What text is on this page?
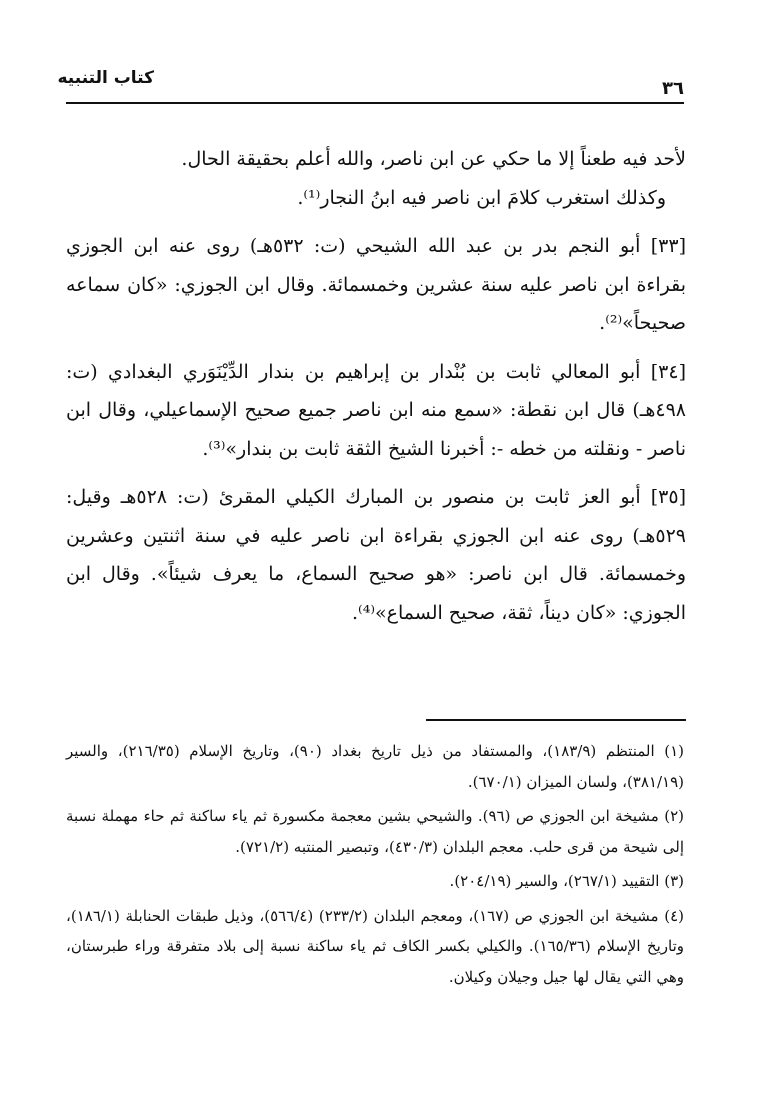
٣٦
كتاب التنبيه

لأحد فيه طعناً إلا ما حكي عن ابن ناصر، والله أعلم بحقيقة الحال.

وكذلك استغرب كلامَ ابن ناصر فيه ابنُ النجار⁽¹⁾.

[٣٣] أبو النجم بدر بن عبد الله الشيحي (ت: ٥٣٢هـ) روى عنه ابن الجوزي بقراءة ابن ناصر عليه سنة عشرين وخمسمائة. وقال ابن الجوزي: «كان سماعه صحيحاً»⁽²⁾.

[٣٤] أبو المعالي ثابت بن بُنْدار بن إبراهيم بن بندار الدِّيْنَوَري البغدادي (ت: ٤٩٨هـ) قال ابن نقطة: «سمع منه ابن ناصر جميع صحيح الإسماعيلي، وقال ابن ناصر - ونقلته من خطه -: أخبرنا الشيخ الثقة ثابت بن بندار»⁽³⁾.

[٣٥] أبو العز ثابت بن منصور بن المبارك الكيلي المقرئ (ت: ٥٢٨هـ وقيل: ٥٢٩هـ) روى عنه ابن الجوزي بقراءة ابن ناصر عليه في سنة اثنتين وعشرين وخمسمائة. قال ابن ناصر: «هو صحيح السماع، ما يعرف شيئاً». وقال ابن الجوزي: «كان ديناً، ثقة، صحيح السماع»⁽⁴⁾.

(١) المنتظم (١٨٣/٩)، والمستفاد من ذيل تاريخ بغداد (٩٠)، وتاريخ الإسلام (٢١٦/٣٥)، والسير (٣٨١/١٩)، ولسان الميزان (٦٧٠/١).

(٢) مشيخة ابن الجوزي ص (٩٦). والشيحي بشين معجمة مكسورة ثم ياء ساكنة ثم حاء مهملة نسبة إلى شيحة من قرى حلب. معجم البلدان (٤٣٠/٣)، وتبصير المنتبه (٧٢١/٢).

(٣) التقييد (٢٦٧/١)، والسير (٢٠٤/١٩).

(٤) مشيخة ابن الجوزي ص (١٦٧)، ومعجم البلدان (٢٣٣/٢) (٥٦٦/٤)، وذيل طبقات الحنابلة (١٨٦/١)، وتاريخ الإسلام (١٦٥/٣٦). والكيلي بكسر الكاف ثم ياء ساكنة نسبة إلى بلاد متفرقة وراء طبرستان، وهي التي يقال لها جيل وجيلان وكيلان.
